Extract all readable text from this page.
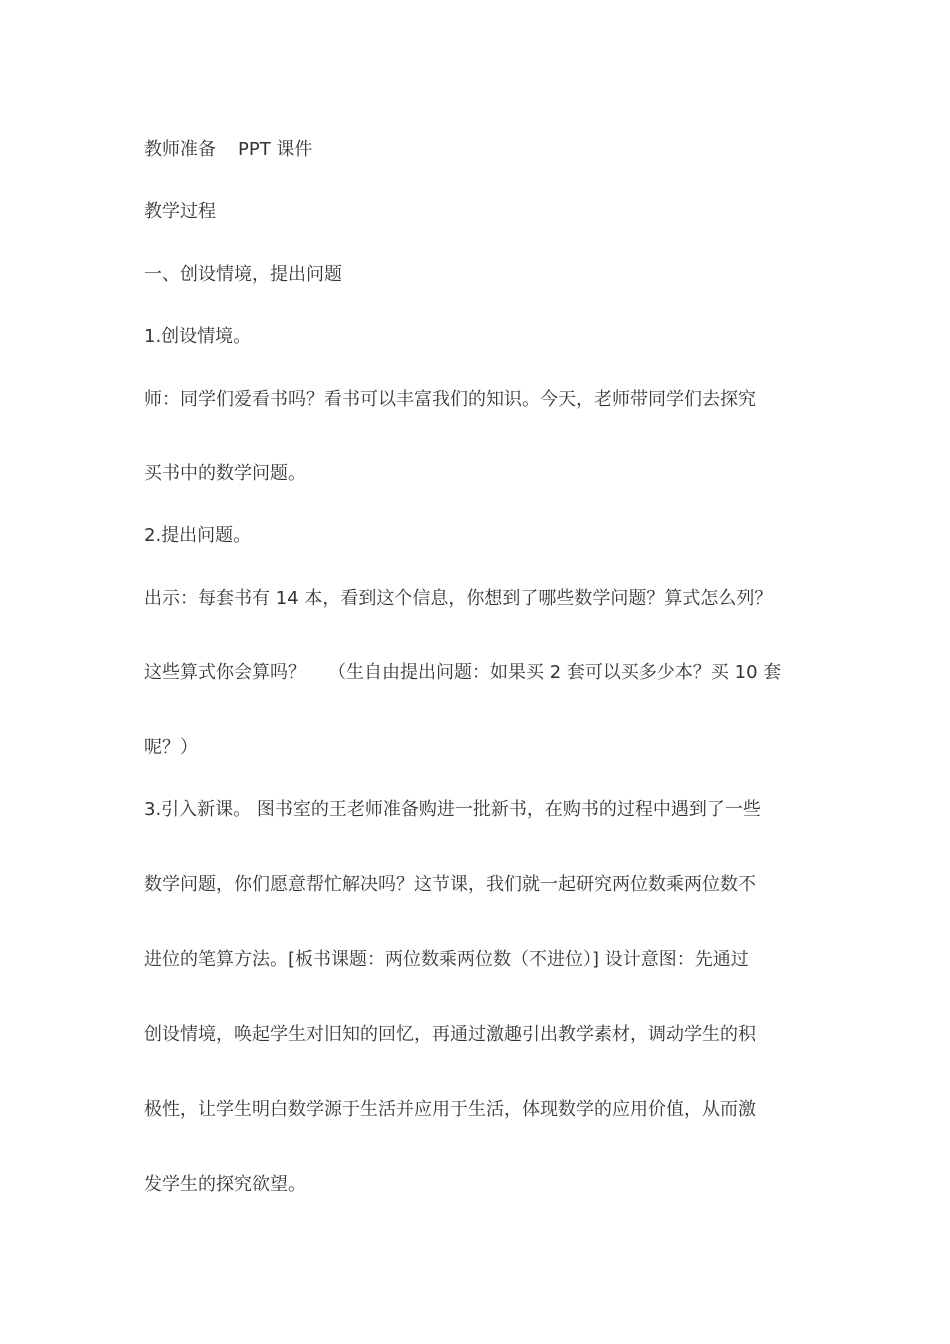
教师准备 PPT 课件
教学过程
一、创设情境，提出问题
1.创设情境。
师：同学们爱看书吗？看书可以丰富我们的知识。今天，老师带同学们去探究
买书中的数学问题。
2.提出问题。
出示：每套书有 14 本，看到这个信息，你想到了哪些数学问题？算式怎么列？
这些算式你会算吗？ （生自由提出问题：如果买 2 套可以买多少本？买 10 套
呢？）
3.引入新课。 图书室的王老师准备购进一批新书，在购书的过程中遇到了一些
数学问题，你们愿意帮忙解决吗？这节课，我们就一起研究两位数乘两位数不
进位的笔算方法。[板书课题：两位数乘两位数（不进位）] 设计意图：先通过
创设情境，唤起学生对旧知的回忆，再通过激趣引出教学素材，调动学生的积
极性，让学生明白数学源于生活并应用于生活，体现数学的应用价值，从而激
发学生的探究欲望。
